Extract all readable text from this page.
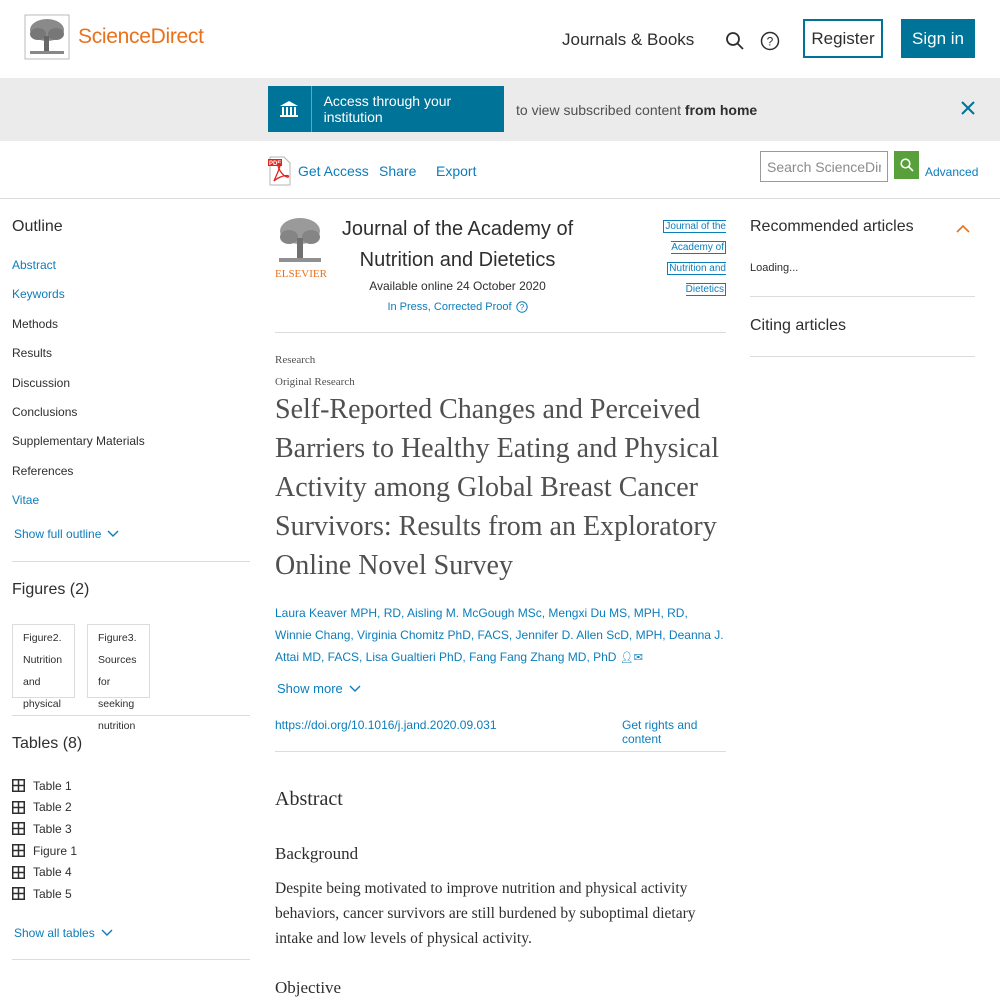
ScienceDirect	Journals & Books	?	Register	Sign in
Access through your institution	to view subscribed content from home
PDF Get Access Share Export
Search ScienceDirect	Advanced
Outline
Abstract
Keywords
Methods
Results
Discussion
Conclusions
Supplementary Materials
References
Vitae
Show full outline
Figures (2)
Figure2.
Nutrition
and
physical
Figure3.
Sources for
seeking
nutrition
Tables (8)
Table 1
Table 2
Table 3
Figure 1
Table 4
Table 5
Show all tables
ELSEVIER
Journal of the Academy of Nutrition and Dietetics
Available online 24 October 2020
In Press, Corrected Proof ?
Journal of the Academy of
Nutrition and Dietetics
Research
Original Research
Self-Reported Changes and Perceived Barriers to Healthy Eating and Physical Activity among Global Breast Cancer Survivors: Results from an Exploratory Online Novel Survey
Laura Keaver MPH, RD, Aisling M. McGough MSc, Mengxi Du MS, MPH, RD, Winnie Chang, Virginia Chomitz PhD, FACS, Jennifer D. Allen ScD, MPH, Deanna J. Attai MD, FACS, Lisa Gualtieri PhD, Fang Fang Zhang MD, PhD 👤︎✉
Show more
https://doi.org/10.1016/j.jand.2020.09.031	Get rights and content
Abstract
Background

Despite being motivated to improve nutrition and physical activity behaviors, cancer survivors are still burdened by suboptimal dietary intake and low levels of physical activity.

Objective
Recommended articles
Loading...
Citing articles
